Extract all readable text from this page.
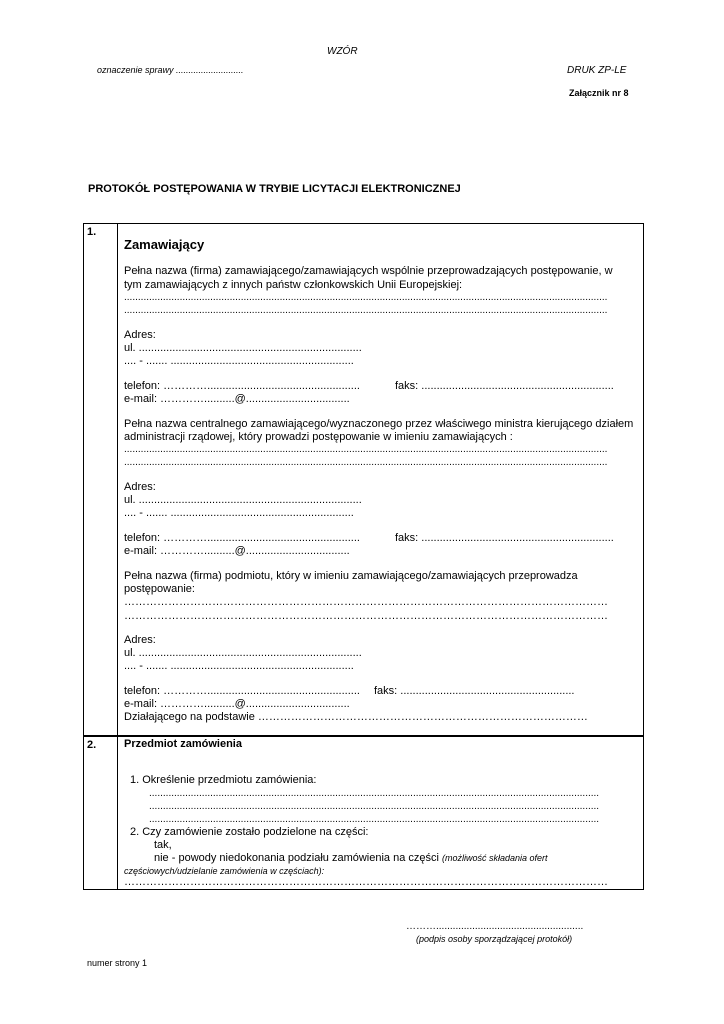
WZÓR
oznaczenie sprawy ...........................	DRUK ZP-LE
Załącznik nr 8
PROTOKÓŁ POSTĘPOWANIA W TRYBIE LICYTACJI ELEKTRONICZNEJ
1.
Zamawiający
Pełna nazwa (firma) zamawiającego/zamawiających wspólnie przeprowadzających postępowanie, w
tym zamawiających z innych państw członkowskich Unii Europejskiej:
..............................................................................................................................................................................
..............................................................................................................................................................................
Adres:
ul. .........................................................................
.... - ....... ............................................................
telefon: …………..................................................	faks: ...............................................................
e-mail: …………..........@..................................
Pełna nazwa centralnego zamawiającego/wyznaczonego przez właściwego ministra kierującego działem
administracji rządowej, który prowadzi postępowanie w imieniu zamawiających :
..............................................................................................................................................................................
..............................................................................................................................................................................
Adres:
ul. .........................................................................
.... - ....... ............................................................
telefon: …………..................................................	faks: ...............................................................
e-mail: …………..........@..................................
Pełna nazwa (firma) podmiotu, który w imieniu zamawiającego/zamawiających przeprowadza
postępowanie:
……………………………………………………………………………………………………………………
……………………………………………………………………………………………………………………
Adres:
ul. .........................................................................
.... - ....... ............................................................
telefon: ………….................................................. faks: .........................................................
e-mail: …………..........@..................................
Działającego na podstawie ………………………………………………………………………………
2.	Przedmiot zamówienia
1. Określenie przedmiotu zamówienia:
..................................................................................................................................................................
..................................................................................................................................................................
..................................................................................................................................................................
2. Czy zamówienie zostało podzielone na części:
tak,
nie - powody niedokonania podziału zamówienia na części (możliwość składania ofert
częściowych/udzielanie zamówienia w częściach):
……………………………………………………………………………………………………………………
……….....................................................
(podpis osoby sporządzającej protokół)
numer strony 1
